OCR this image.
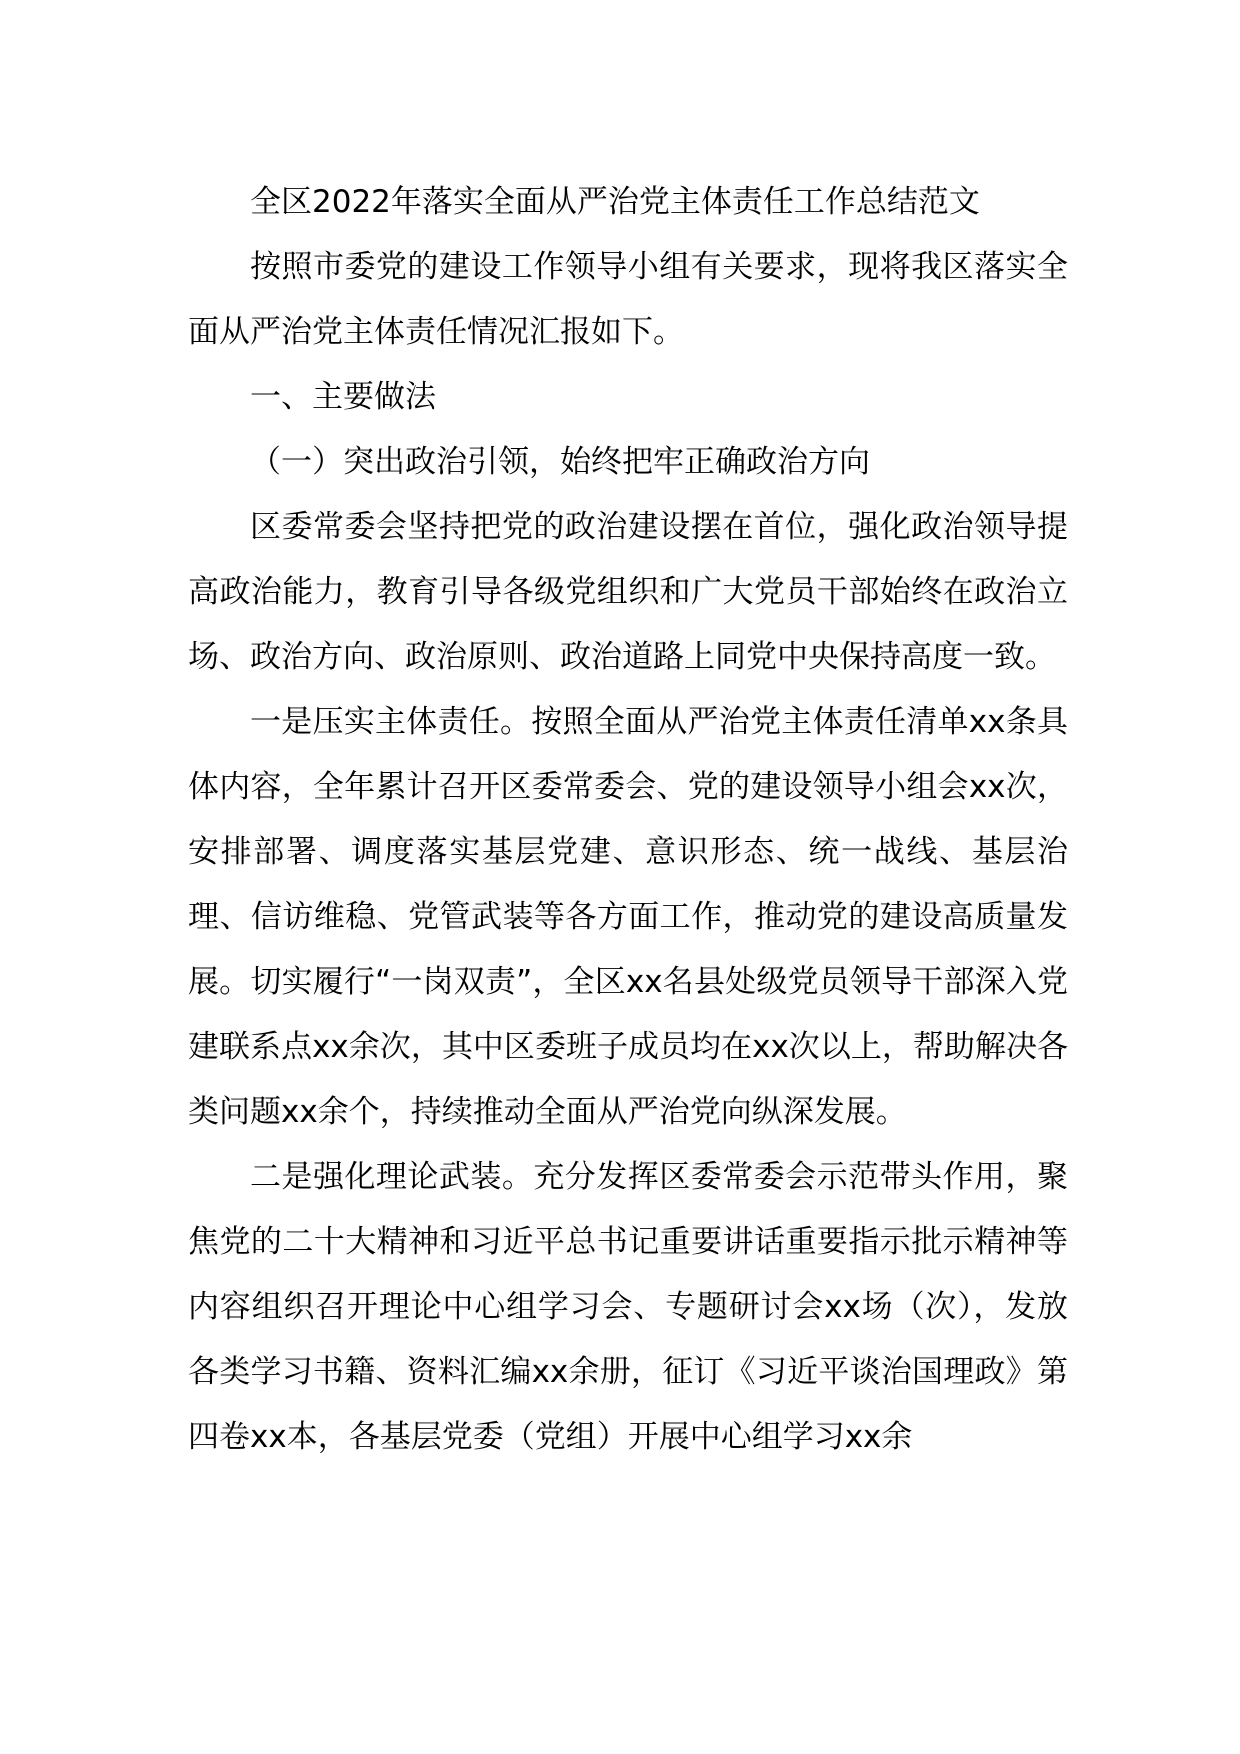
全区2022年落实全面从严治党主体责任工作总结范文

按照市委党的建设工作领导小组有关要求，现将我区落实全面从严治党主体责任情况汇报如下。

一、主要做法

（一）突出政治引领，始终把牢正确政治方向

区委常委会坚持把党的政治建设摆在首位，强化政治领导提高政治能力，教育引导各级党组织和广大党员干部始终在政治立场、政治方向、政治原则、政治道路上同党中央保持高度一致。

一是压实主体责任。按照全面从严治党主体责任清单xx条具体内容，全年累计召开区委常委会、党的建设领导小组会xx次，安排部署、调度落实基层党建、意识形态、统一战线、基层治理、信访维稳、党管武装等各方面工作，推动党的建设高质量发展。切实履行“一岗双责”，全区xx名县处级党员领导干部深入党建联系点xx余次，其中区委班子成员均在xx次以上，帮助解决各类问题xx余个，持续推动全面从严治党向纵深发展。

二是强化理论武装。充分发挥区委常委会示范带头作用，聚焦党的二十大精神和习近平总书记重要讲话重要指示批示精神等内容组织召开理论中心组学习会、专题研讨会xx场（次），发放各类学习书籍、资料汇编xx余册，征订《习近平谈治国理政》第四卷xx本，各基层党委（党组）开展中心组学习xx余
